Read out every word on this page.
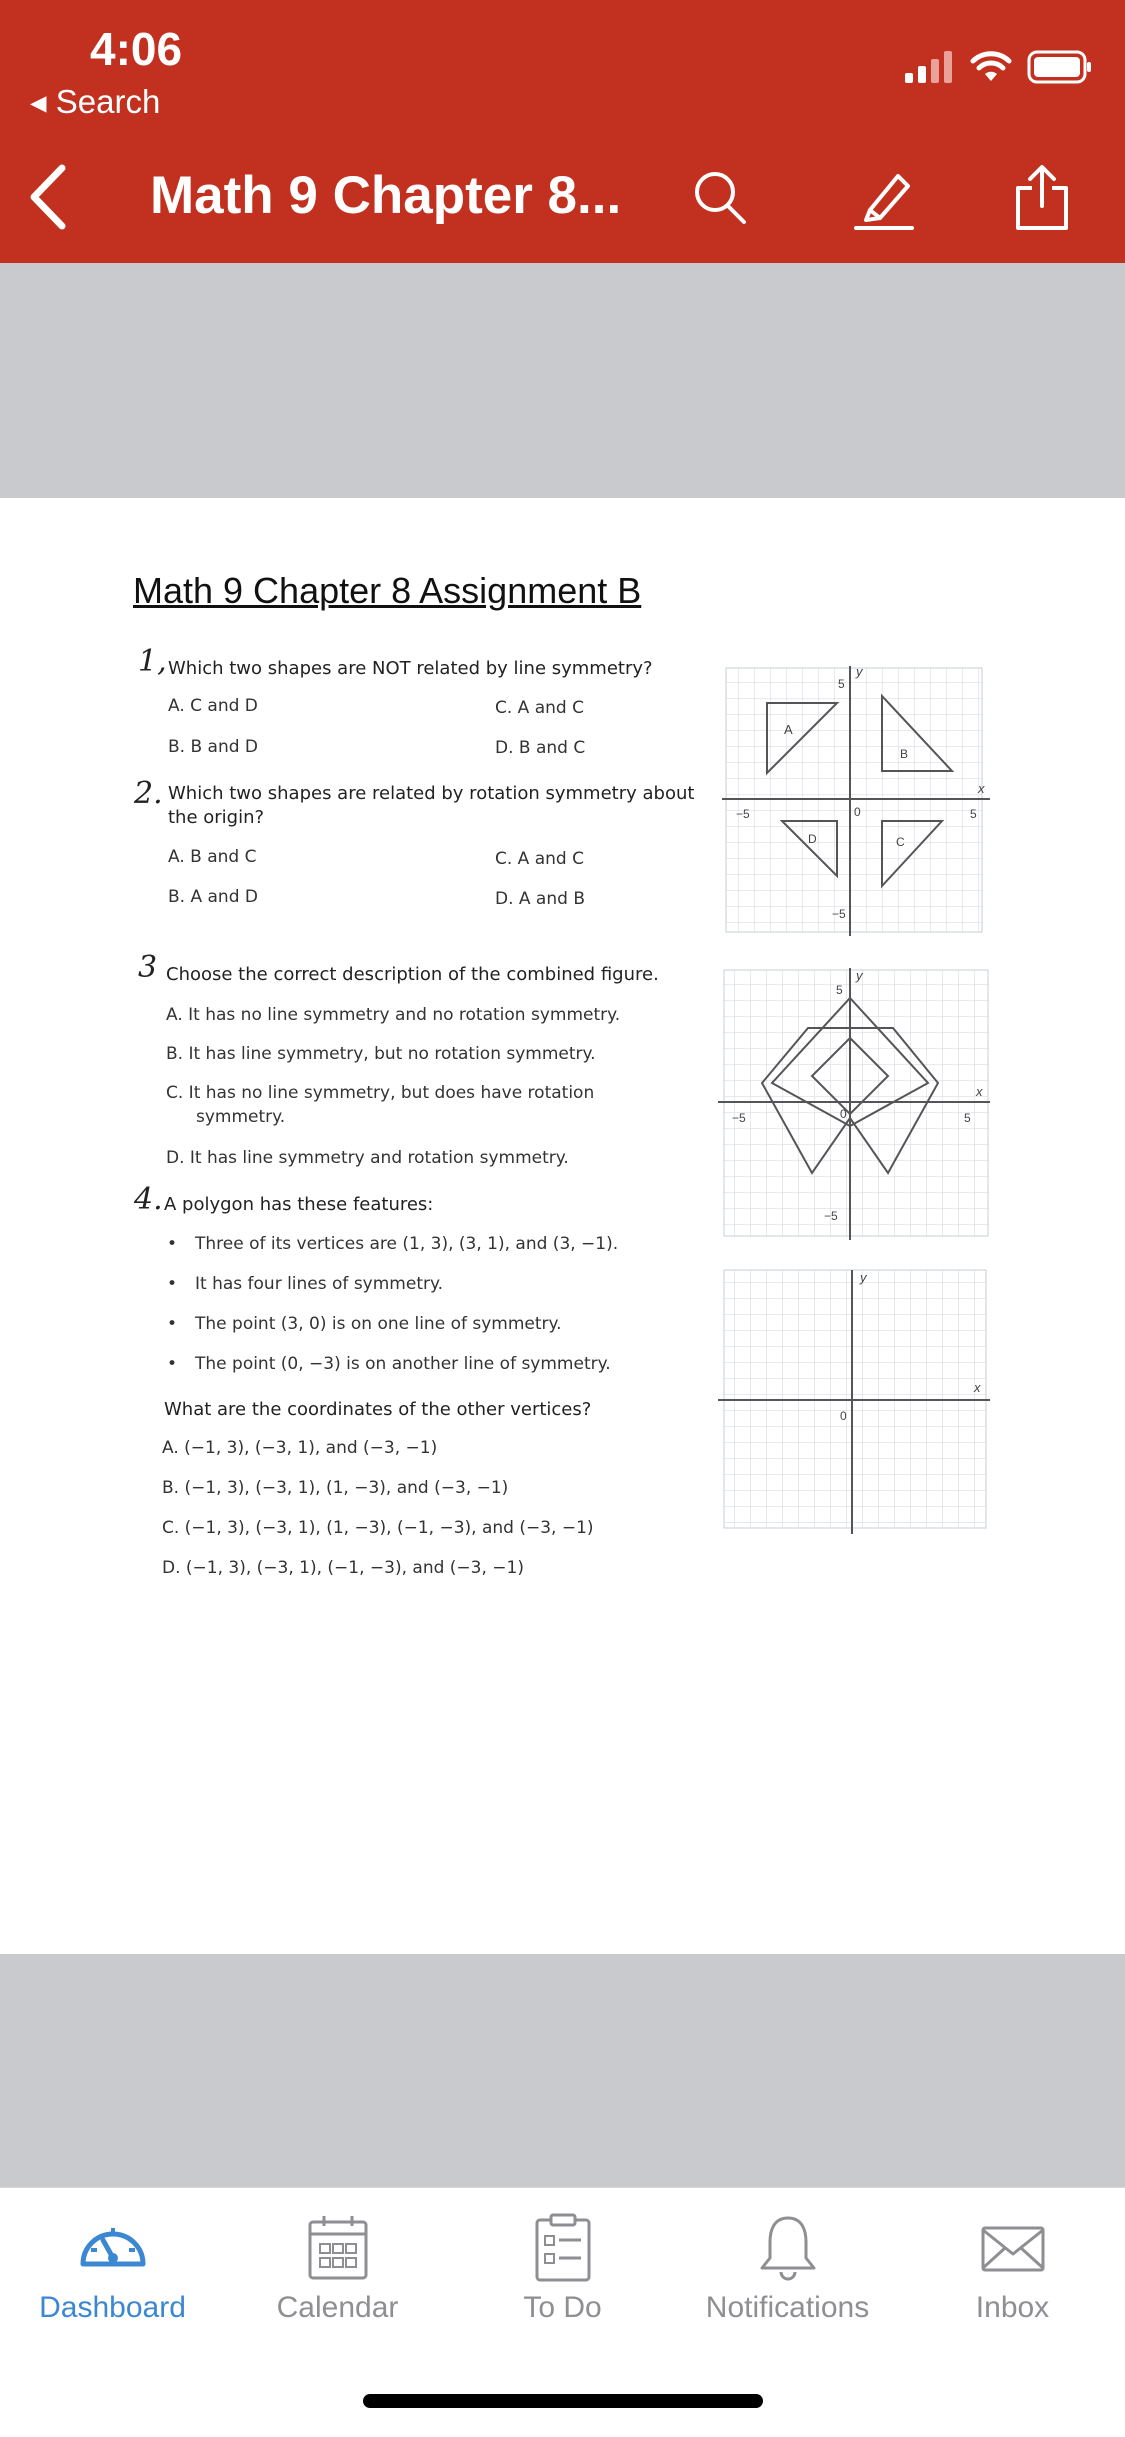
4:06
◂ Search
Math 9 Chapter 8...
Math 9 Chapter 8 Assignment B
1, Which two shapes are NOT related by line symmetry?
A. C and D	C. A and C
B. B and D	D. B and C
2. Which two shapes are related by rotation symmetry about
the origin?
A. B and C	C. A and C
B. A and D	D. A and B
3 Choose the correct description of the combined figure.
A. It has no line symmetry and no rotation symmetry.
B. It has line symmetry, but no rotation symmetry.
C. It has no line symmetry, but does have rotation
symmetry.
D. It has line symmetry and rotation symmetry.
4. A polygon has these features:
• Three of its vertices are (1, 3), (3, 1), and (3, −1).
• It has four lines of symmetry.
• The point (3, 0) is on one line of symmetry.
• The point (0, −3) is on another line of symmetry.
What are the coordinates of the other vertices?
A. (−1, 3), (−3, 1), and (−3, −1)
B. (−1, 3), (−3, 1), (1, −3), and (−3, −1)
C. (−1, 3), (−3, 1), (1, −3), (−1, −3), and (−3, −1)
D. (−1, 3), (−3, 1), (−1, −3), and (−3, −1)
A
B
C
D
y
x
5
5
−5
−5
0
y
x
5
5
−5
−5
0
y
x
0
Dashboard	Calendar	To Do	Notifications	Inbox
